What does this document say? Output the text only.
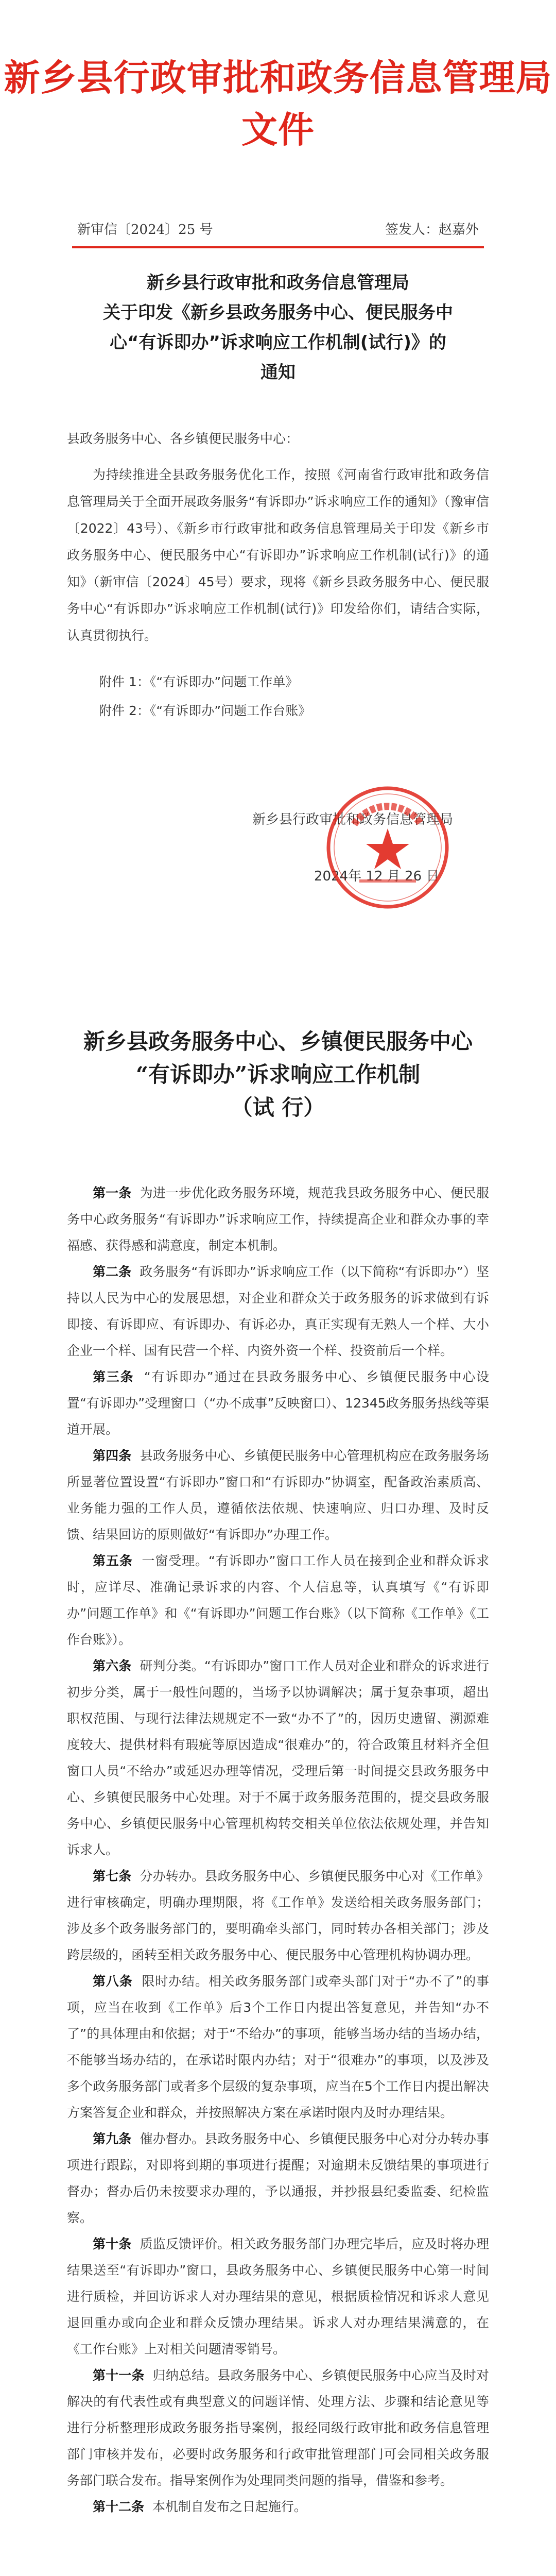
新乡县行政审批和政务信息管理局文件
新审信〔2024〕25 号	签发人：赵嘉外
新乡县行政审批和政务信息管理局
关于印发《新乡县政务服务中心、便民服务中
心“有诉即办”诉求响应工作机制(试行)》的
通知
县政务服务中心、各乡镇便民服务中心：
为持续推进全县政务服务优化工作，按照《河南省行政审批和政务信息管理局关于全面开展政务服务“有诉即办”诉求响应工作的通知》（豫审信〔2022〕43号）、《新乡市行政审批和政务信息管理局关于印发《新乡市政务服务中心、便民服务中心“有诉即办”诉求响应工作机制(试行)》的通知》（新审信〔2024〕45号）要求，现将《新乡县政务服务中心、便民服务中心“有诉即办”诉求响应工作机制(试行)》印发给你们，请结合实际，认真贯彻执行。
附件 1：《“有诉即办”问题工作单》
附件 2：《“有诉即办”问题工作台账》
新乡县行政审批和政务信息管理局
2024年 12 月 26 日
新乡县政务服务中心、乡镇便民服务中心
“有诉即办”诉求响应工作机制
（试 行）

第一条 为进一步优化政务服务环境，规范我县政务服务中心、便民服务中心政务服务“有诉即办”诉求响应工作，持续提高企业和群众办事的幸福感、获得感和满意度，制定本机制。

第二条 政务服务“有诉即办”诉求响应工作（以下简称“有诉即办”）坚持以人民为中心的发展思想，对企业和群众关于政务服务的诉求做到有诉即接、有诉即应、有诉即办、有诉必办，真正实现有无熟人一个样、大小企业一个样、国有民营一个样、内资外资一个样、投资前后一个样。

第三条 “有诉即办”通过在县政务服务中心、乡镇便民服务中心设置“有诉即办”受理窗口（“办不成事”反映窗口）、12345政务服务热线等渠道开展。

第四条 县政务服务中心、乡镇便民服务中心管理机构应在政务服务场所显著位置设置“有诉即办”窗口和“有诉即办”协调室，配备政治素质高、业务能力强的工作人员，遵循依法依规、快速响应、归口办理、及时反馈、结果回访的原则做好“有诉即办”办理工作。

第五条 一窗受理。“有诉即办”窗口工作人员在接到企业和群众诉求时，应详尽、准确记录诉求的内容、个人信息等，认真填写《“有诉即办”问题工作单》和《“有诉即办”问题工作台账》（以下简称《工作单》《工作台账》）。

第六条 研判分类。“有诉即办”窗口工作人员对企业和群众的诉求进行初步分类，属于一般性问题的，当场予以协调解决；属于复杂事项，超出职权范围、与现行法律法规规定不一致“办不了”的，因历史遗留、溯源难度较大、提供材料有瑕疵等原因造成“很难办”的，符合政策且材料齐全但窗口人员“不给办”或延迟办理等情况，受理后第一时间提交县政务服务中心、乡镇便民服务中心处理。对于不属于政务服务范围的，提交县政务服务中心、乡镇便民服务中心管理机构转交相关单位依法依规处理，并告知诉求人。

第七条 分办转办。县政务服务中心、乡镇便民服务中心对《工作单》进行审核确定，明确办理期限，将《工作单》发送给相关政务服务部门；涉及多个政务服务部门的，要明确牵头部门，同时转办各相关部门；涉及跨层级的，函转至相关政务服务中心、便民服务中心管理机构协调办理。

第八条 限时办结。相关政务服务部门或牵头部门对于“办不了”的事项，应当在收到《工作单》后3个工作日内提出答复意见，并告知“办不了”的具体理由和依据；对于“不给办”的事项，能够当场办结的当场办结，不能够当场办结的，在承诺时限内办结；对于“很难办”的事项，以及涉及多个政务服务部门或者多个层级的复杂事项，应当在5个工作日内提出解决方案答复企业和群众，并按照解决方案在承诺时限内及时办理结果。

第九条 催办督办。县政务服务中心、乡镇便民服务中心对分办转办事项进行跟踪，对即将到期的事项进行提醒；对逾期未反馈结果的事项进行督办；督办后仍未按要求办理的，予以通报，并抄报县纪委监委、纪检监察。

第十条 质监反馈评价。相关政务服务部门办理完毕后，应及时将办理结果送至“有诉即办”窗口，县政务服务中心、乡镇便民服务中心第一时间进行质检，并回访诉求人对办理结果的意见，根据质检情况和诉求人意见退回重办或向企业和群众反馈办理结果。诉求人对办理结果满意的，在《工作台账》上对相关问题清零销号。

第十一条 归纳总结。县政务服务中心、乡镇便民服务中心应当及时对解决的有代表性或有典型意义的问题详情、处理方法、步骤和结论意见等进行分析整理形成政务服务指导案例，报经同级行政审批和政务信息管理部门审核并发布，必要时政务服务和行政审批管理部门可会同相关政务服务部门联合发布。指导案例作为处理同类问题的指导，借鉴和参考。

第十二条 本机制自发布之日起施行。
